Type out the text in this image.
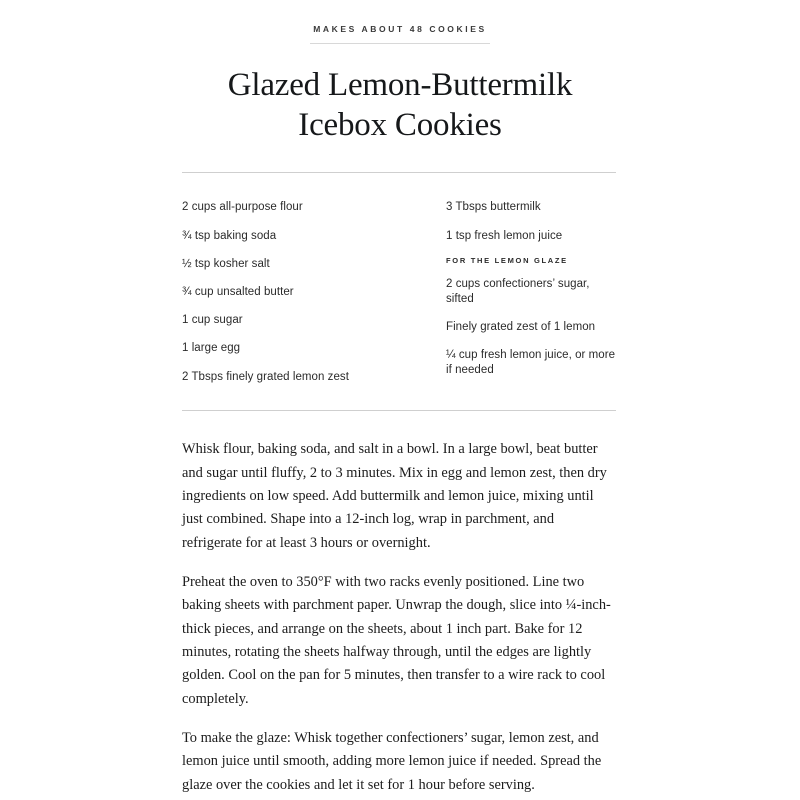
MAKES ABOUT 48 COOKIES
Glazed Lemon-Buttermilk
Icebox Cookies
2 cups all-purpose flour
¾ tsp baking soda
½ tsp kosher salt
¾ cup unsalted butter
1 cup sugar
1 large egg
2 Tbsps finely grated lemon zest
3 Tbsps buttermilk
1 tsp fresh lemon juice
FOR THE LEMON GLAZE
2 cups confectioners’ sugar, sifted
Finely grated zest of 1 lemon
¼ cup fresh lemon juice, or more if needed

Whisk flour, baking soda, and salt in a bowl. In a large bowl, beat butter and sugar until fluffy, 2 to 3 minutes. Mix in egg and lemon zest, then dry ingredients on low speed. Add buttermilk and lemon juice, mixing until just combined. Shape into a 12-inch log, wrap in parchment, and refrigerate for at least 3 hours or overnight.

Preheat the oven to 350°F with two racks evenly positioned. Line two baking sheets with parchment paper. Unwrap the dough, slice into ¼-inch-thick pieces, and arrange on the sheets, about 1 inch part. Bake for 12 minutes, rotating the sheets halfway through, until the edges are lightly golden. Cool on the pan for 5 minutes, then transfer to a wire rack to cool completely.

To make the glaze: Whisk together confectioners’ sugar, lemon zest, and lemon juice until smooth, adding more lemon juice if needed. Spread the glaze over the cookies and let it set for 1 hour before serving.
